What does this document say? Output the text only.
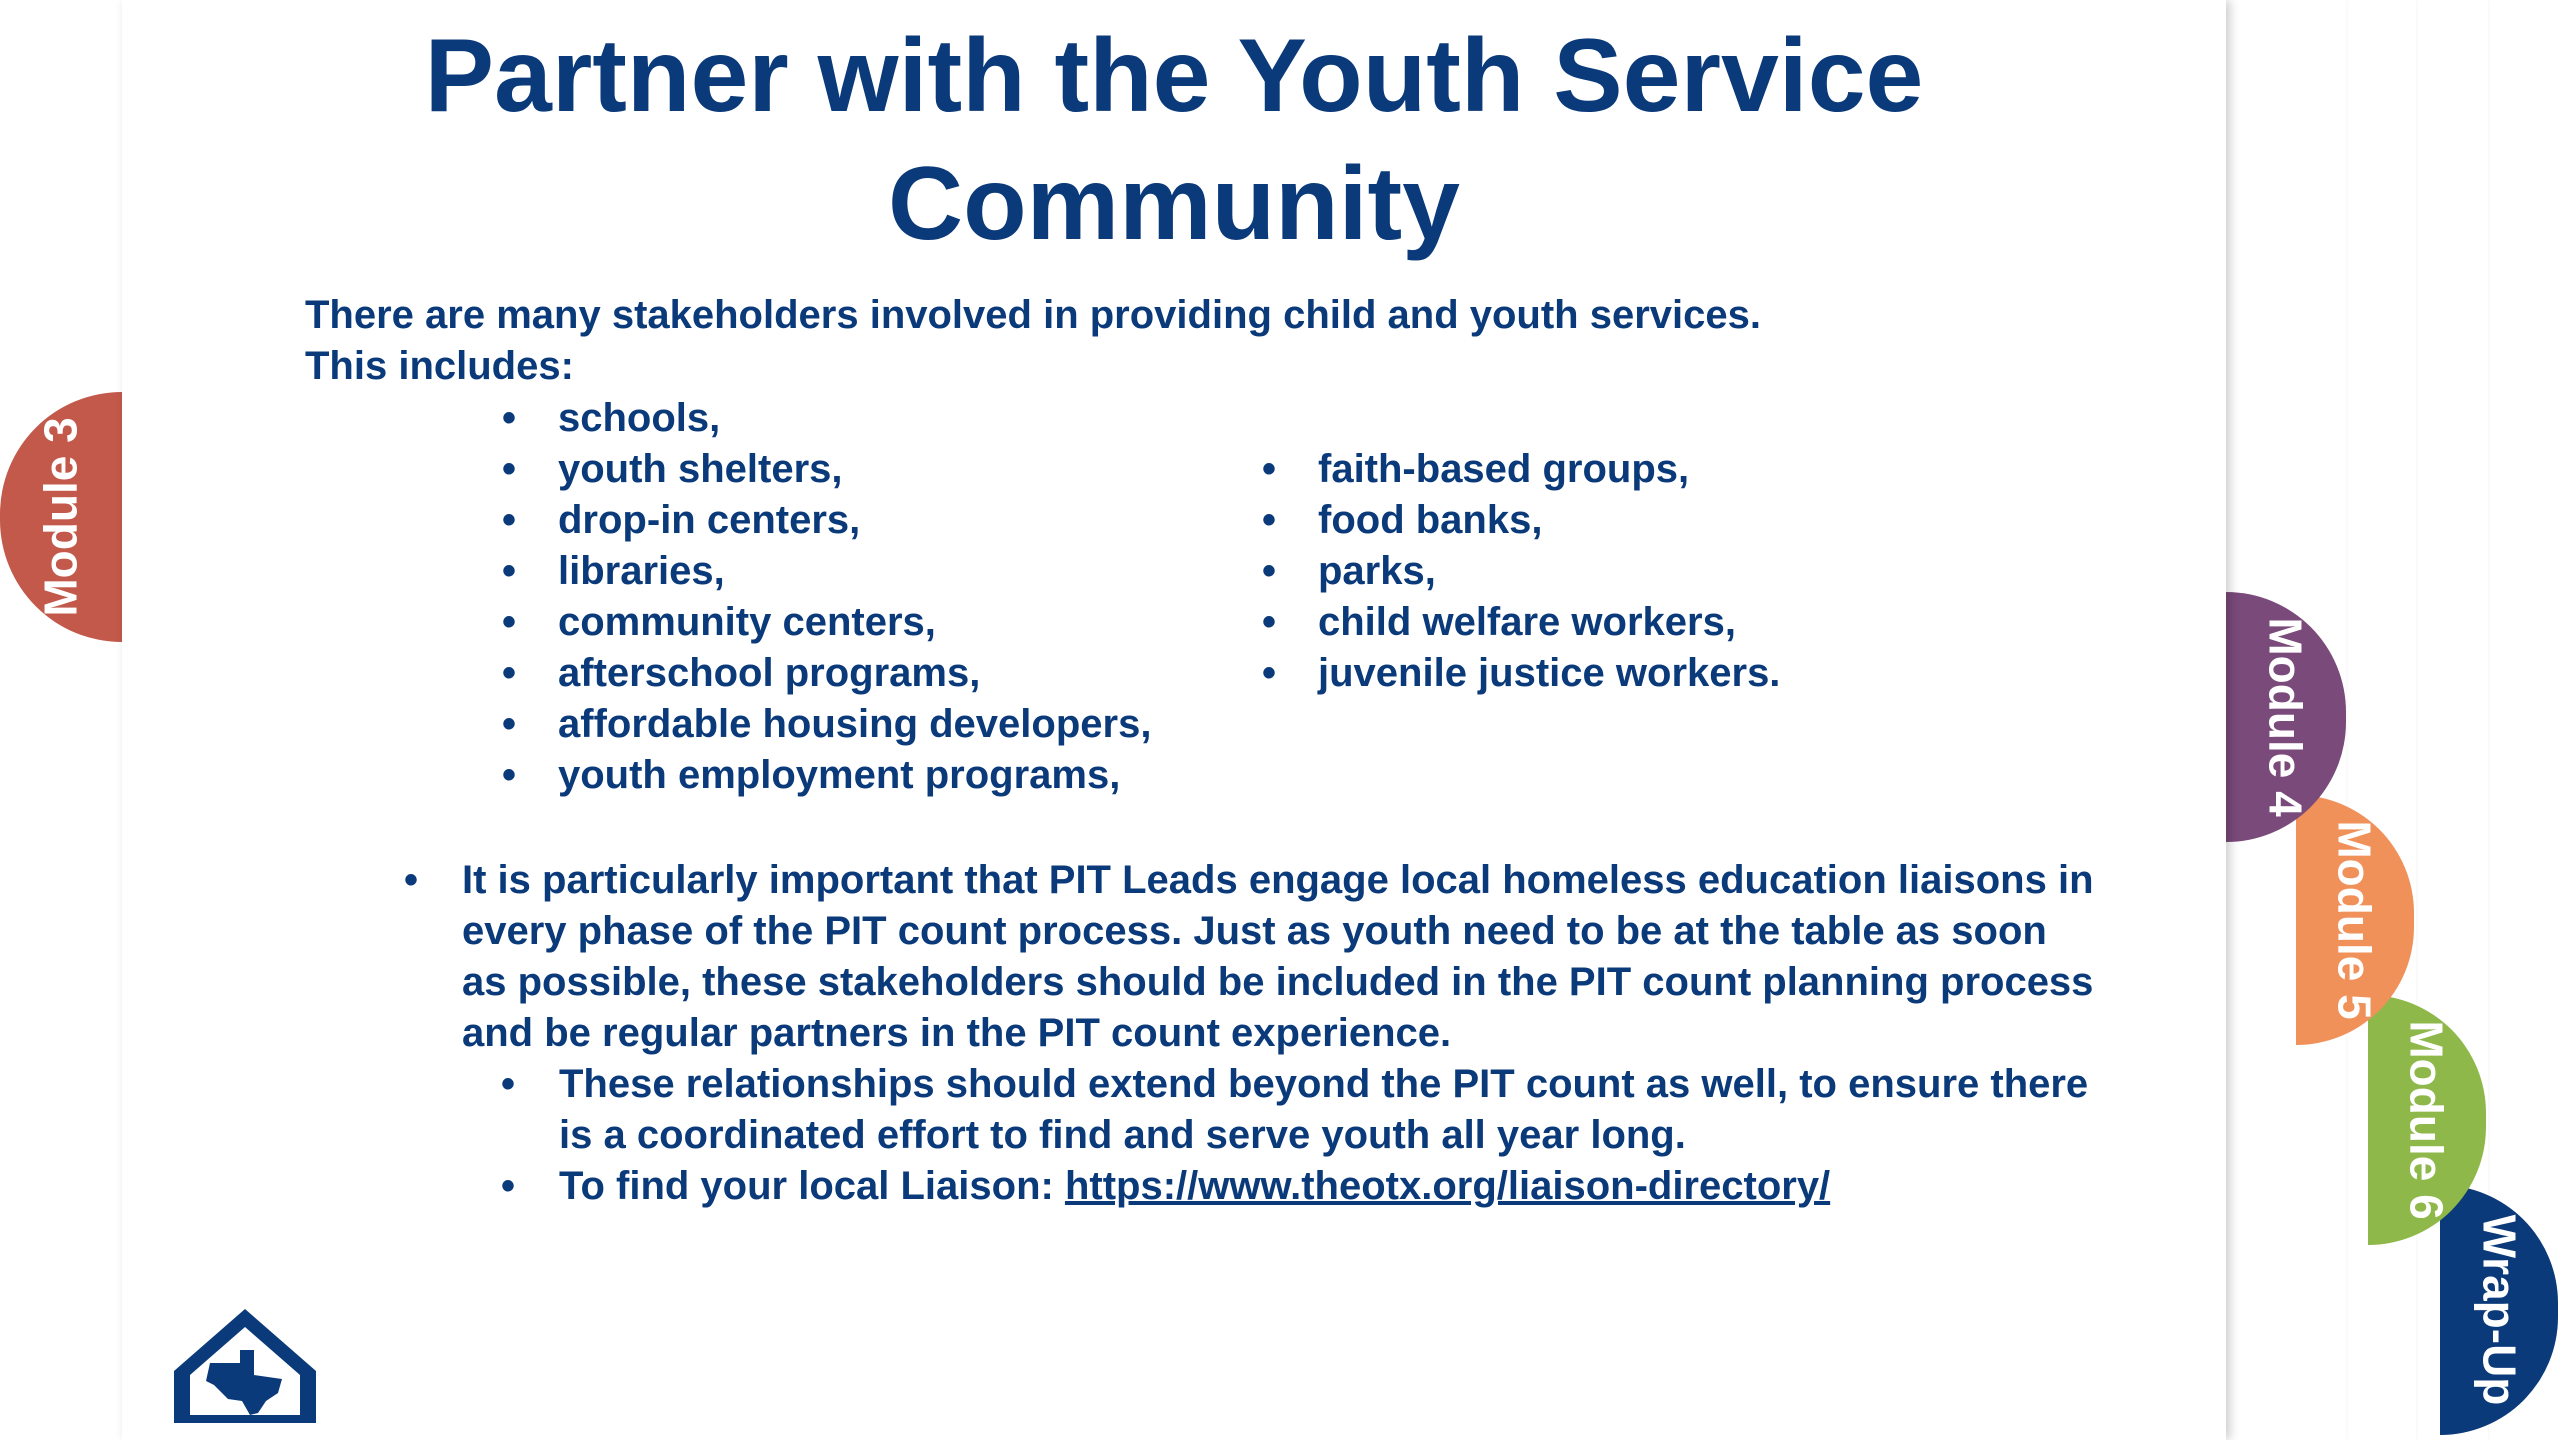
Wrap-Up
Module 6
Module 5
Module 4
Module 3
Partner with the Youth Service
Community

There are many stakeholders involved in providing child and youth services.
This includes:

• schools,
• youth shelters,
• drop-in centers,
• libraries,
• community centers,
• afterschool programs,
• affordable housing developers,
• youth employment programs,
• faith-based groups,
• food banks,
• parks,
• child welfare workers,
• juvenile justice workers.
• It is particularly important that PIT Leads engage local homeless education liaisons in every phase of the PIT count process. Just as youth need to be at the table as soon as possible, these stakeholders should be included in the PIT count planning process and be regular partners in the PIT count experience.
• These relationships should extend beyond the PIT count as well, to ensure there is a coordinated effort to find and serve youth all year long.
• To find your local Liaison: https://www.theotx.org/liaison-directory/
